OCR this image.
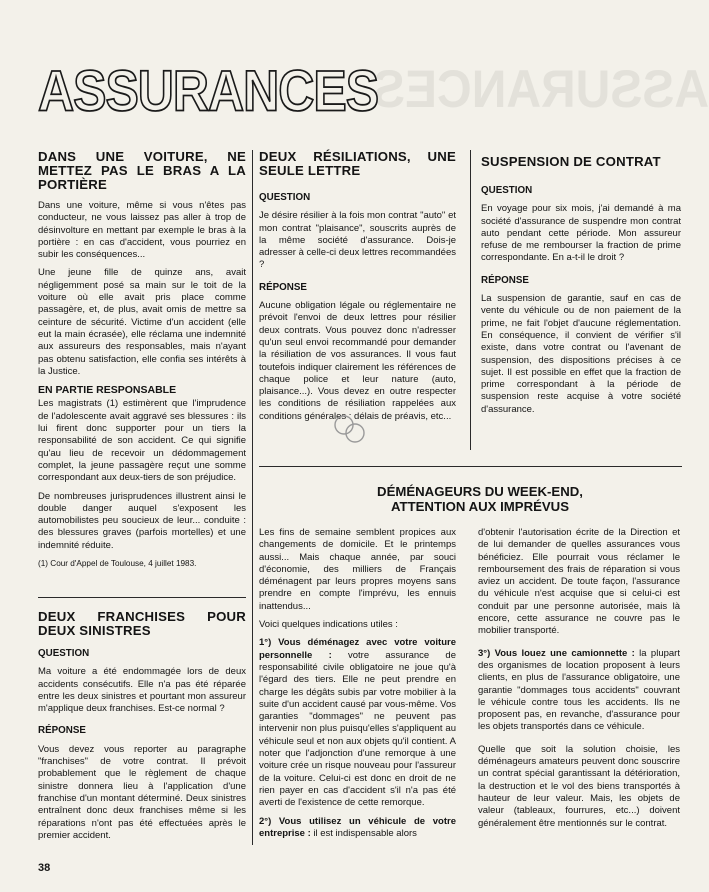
ASSURANCES
ASSURANCES
DANS UNE VOITURE, NE METTEZ PAS LE BRAS A LA PORTIÈRE

Dans une voiture, même si vous n'êtes pas conducteur, ne vous laissez pas aller à trop de désinvolture en mettant par exemple le bras à la portière : en cas d'accident, vous pourriez en subir les conséquences...

Une jeune fille de quinze ans, avait négligemment posé sa main sur le toit de la voiture où elle avait pris place comme passagère, et, de plus, avait omis de mettre sa ceinture de sécurité. Victime d'un accident (elle eut la main écrasée), elle réclama une indemnité aux assureurs des responsables, mais n'ayant pas obtenu satisfaction, elle confia ses intérêts à la Justice.

EN PARTIE RESPONSABLE

Les magistrats (1) estimèrent que l'imprudence de l'adolescente avait aggravé ses blessures : ils lui firent donc supporter pour un tiers la responsabilité de son accident. Ce qui signifie qu'au lieu de recevoir un dédommagement complet, la jeune passagère reçut une somme correspondant aux deux-tiers de son préjudice.

De nombreuses jurisprudences illustrent ainsi le double danger auquel s'exposent les automobilistes peu soucieux de leur... conduite : des blessures graves (parfois mortelles) et une indemnité réduite.

(1) Cour d'Appel de Toulouse, 4 juillet 1983.
DEUX FRANCHISES POUR DEUX SINISTRES
QUESTION

Ma voiture a été endommagée lors de deux accidents consécutifs. Elle n'a pas été réparée entre les deux sinistres et pourtant mon assureur m'applique deux franchises. Est-ce normal ?

RÉPONSE

Vous devez vous reporter au paragraphe "franchises" de votre contrat. Il prévoit probablement que le règlement de chaque sinistre donnera lieu à l'application d'une franchise d'un montant déterminé. Deux sinistres entraînent donc deux franchises même si les réparations n'ont pas été effectuées après le premier accident.

DEUX RÉSILIATIONS, UNE SEULE LETTRE
QUESTION

Je désire résilier à la fois mon contrat "auto" et mon contrat "plaisance", souscrits auprès de la même société d'assurance. Dois-je adresser à celle-ci deux lettres recommandées ?

RÉPONSE

Aucune obligation légale ou réglementaire ne prévoit l'envoi de deux lettres pour résilier deux contrats. Vous pouvez donc n'adresser qu'un seul envoi recommandé pour demander la résiliation de vos assurances. Il vous faut toutefois indiquer clairement les références de chaque police et leur nature (auto, plaisance...). Vous devez en outre respecter les conditions de résiliation rappelées aux conditions générales : délais de préavis, etc...

SUSPENSION DE CONTRAT
QUESTION

En voyage pour six mois, j'ai demandé à ma société d'assurance de suspendre mon contrat auto pendant cette période. Mon assureur refuse de me rembourser la fraction de prime correspondante. En a-t-il le droit ?

RÉPONSE

La suspension de garantie, sauf en cas de vente du véhicule ou de non paiement de la prime, ne fait l'objet d'aucune réglementation. En conséquence, il convient de vérifier s'il existe, dans votre contrat ou l'avenant de suspension, des dispositions précises à ce sujet. Il est possible en effet que la fraction de prime correspondant à la période de suspension reste acquise à votre société d'assurance.

DÉMÉNAGEURS DU WEEK-END,
ATTENTION AUX IMPRÉVUS

Les fins de semaine semblent propices aux changements de domicile. Et le printemps aussi... Mais chaque année, par souci d'économie, des milliers de Français déménagent par leurs propres moyens sans prendre en compte l'imprévu, les ennuis inattendus...

Voici quelques indications utiles :

1°) Vous déménagez avec votre voiture personnelle : votre assurance de responsabilité civile obligatoire ne joue qu'à l'égard des tiers. Elle ne peut prendre en charge les dégâts subis par votre mobilier à la suite d'un accident causé par vous-même. Vos garanties "dommages" ne peuvent pas intervenir non plus puisqu'elles s'appliquent au véhicule seul et non aux objets qu'il contient. A noter que l'adjonction d'une remorque à une voiture crée un risque nouveau pour l'assureur de la voiture. Celui-ci est donc en droit de ne rien payer en cas d'accident s'il n'a pas été averti de l'existence de cette remorque.

2°) Vous utilisez un véhicule de votre entreprise : il est indispensable alors

d'obtenir l'autorisation écrite de la Direction et de lui demander de quelles assurances vous bénéficiez. Elle pourrait vous réclamer le remboursement des frais de réparation si vous aviez un accident. De toute façon, l'assurance du véhicule n'est acquise que si celui-ci est conduit par une personne autorisée, mais là encore, cette assurance ne couvre pas le mobilier transporté.

3°) Vous louez une camionnette : la plupart des organismes de location proposent à leurs clients, en plus de l'assurance obligatoire, une garantie "dommages tous accidents" couvrant le véhicule contre tous les accidents. Ils ne proposent pas, en revanche, d'assurance pour les objets transportés dans ce véhicule.

Quelle que soit la solution choisie, les déménageurs amateurs peuvent donc souscrire un contrat spécial garantissant la détérioration, la destruction et le vol des biens transportés à hauteur de leur valeur. Mais, les objets de valeur (tableaux, fourrures, etc...) doivent généralement être mentionnés sur le contrat.

38
